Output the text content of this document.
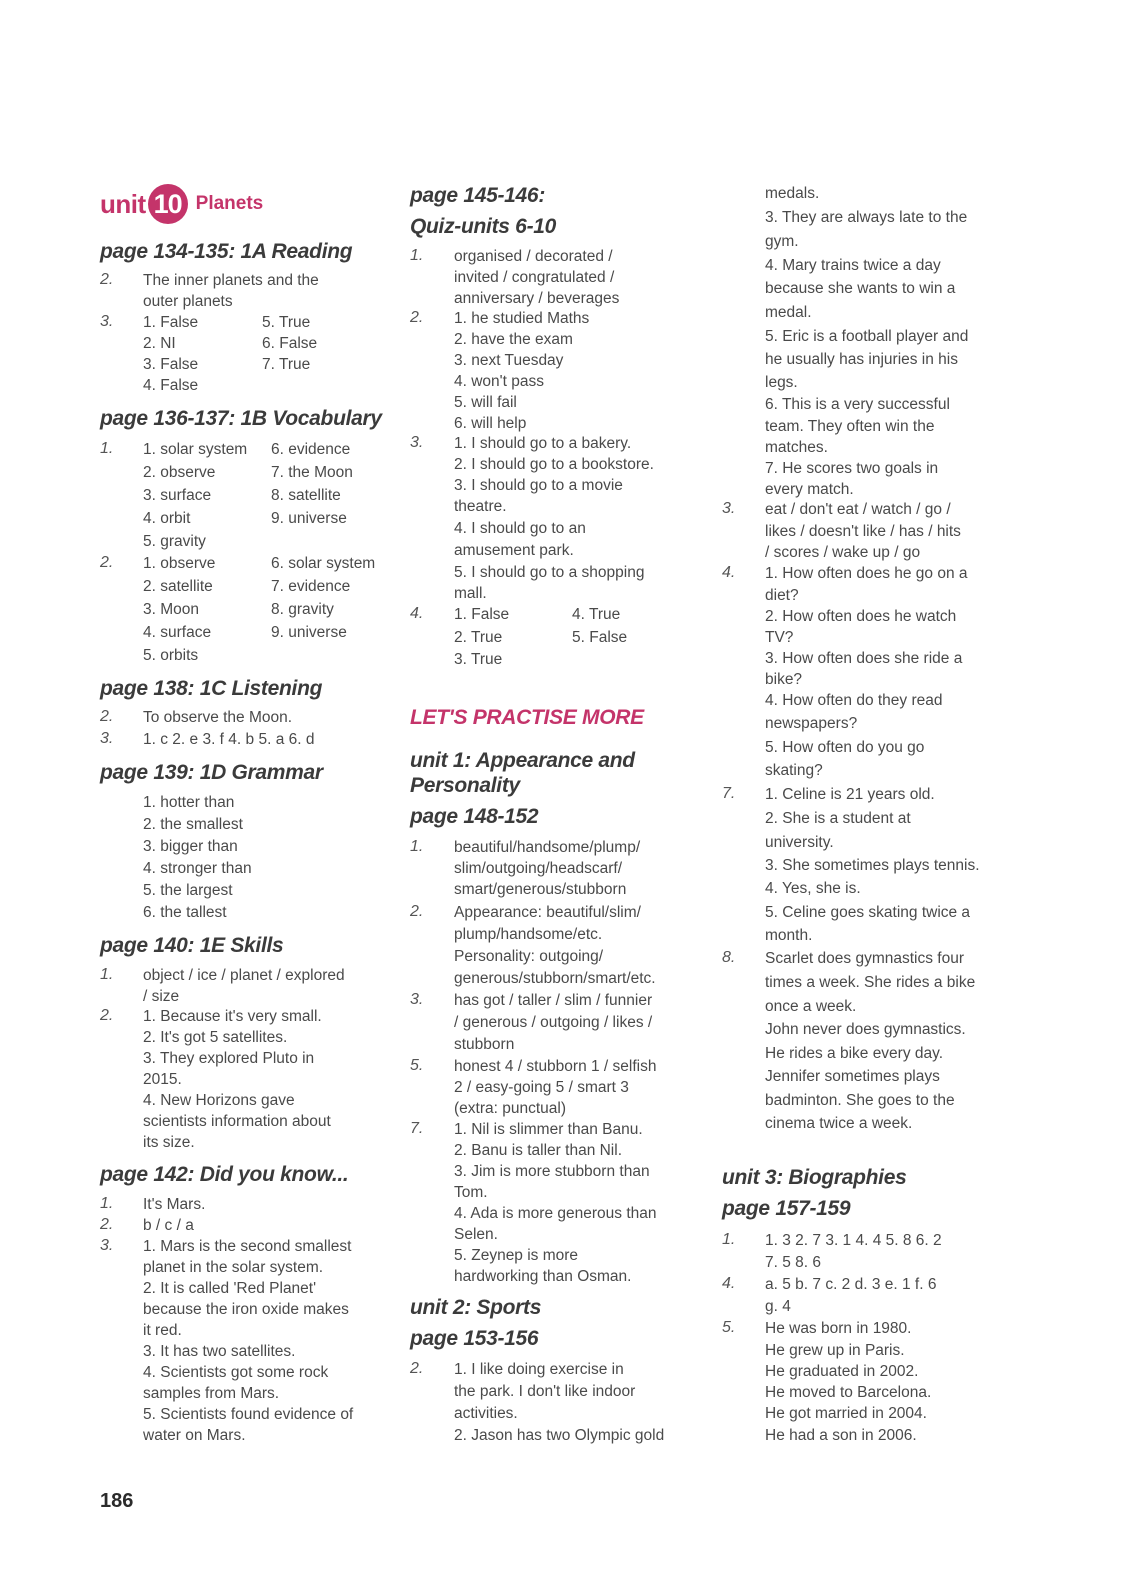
unit 10 Planets
page 134-135: 1A Reading
2. The inner planets and the
outer planets
3. 1. False
2. NI
3. False
4. False
5. True
6. False
7. True
page 136-137: 1B Vocabulary
1. 1. solar system
2. observe
3. surface
4. orbit
5. gravity
6. evidence
7. the Moon
8. satellite
9. universe
2. 1. observe
2. satellite
3. Moon
4. surface
5. orbits
6. solar system
7. evidence
8. gravity
9. universe
page 138: 1C Listening
2. To observe the Moon.
3. 1. c 2. e 3. f 4. b 5. a 6. d
page 139: 1D Grammar
1. hotter than
2. the smallest
3. bigger than
4. stronger than
5. the largest
6. the tallest
page 140: 1E Skills
1. object / ice / planet / explored
/ size
2. 1. Because it's very small.
2. It's got 5 satellites.
3. They explored Pluto in
2015.
4. New Horizons gave
scientists information about
its size.
page 142: Did you know...
1. It's Mars.
2. b / c / a
3. 1. Mars is the second smallest
planet in the solar system.
2. It is called 'Red Planet'
because the iron oxide makes
it red.
3. It has two satellites.
4. Scientists got some rock
samples from Mars.
5. Scientists found evidence of
water on Mars.
page 145-146:
Quiz-units 6-10
1. organised / decorated /
invited / congratulated /
anniversary / beverages
2. 1. he studied Maths
2. have the exam
3. next Tuesday
4. won't pass
5. will fail
6. will help
3. 1. I should go to a bakery.
2. I should go to a bookstore.
3. I should go to a movie
theatre.
4. I should go to an
amusement park.
5. I should go to a shopping
mall.
4. 1. False
2. True
3. True
4. True
5. False
LET'S PRACTISE MORE
unit 1: Appearance and
Personality
page 148-152
1. beautiful/handsome/plump/
slim/outgoing/headscarf/
smart/generous/stubborn
2. Appearance: beautiful/slim/
plump/handsome/etc.
Personality: outgoing/
generous/stubborn/smart/etc.
3. has got / taller / slim / funnier
/ generous / outgoing / likes /
stubborn
5. honest 4 / stubborn 1 / selfish
2 / easy-going 5 / smart 3
(extra: punctual)
7. 1. Nil is slimmer than Banu.
2. Banu is taller than Nil.
3. Jim is more stubborn than
Tom.
4. Ada is more generous than
Selen.
5. Zeynep is more
hardworking than Osman.
unit 2: Sports
page 153-156
2. 1. I like doing exercise in
the park. I don't like indoor
activities.
2. Jason has two Olympic gold
medals.
3. They are always late to the
gym.
4. Mary trains twice a day
because she wants to win a
medal.
5. Eric is a football player and
he usually has injuries in his
legs.
6. This is a very successful
team. They often win the
matches.
7. He scores two goals in
every match.
3. eat / don't eat / watch / go /
likes / doesn't like / has / hits
/ scores / wake up / go
4. 1. How often does he go on a
diet?
2. How often does he watch
TV?
3. How often does she ride a
bike?
4. How often do they read
newspapers?
5. How often do you go
skating?
7. 1. Celine is 21 years old.
2. She is a student at
university.
3. She sometimes plays tennis.
4. Yes, she is.
5. Celine goes skating twice a
month.
8. Scarlet does gymnastics four
times a week. She rides a bike
once a week.
John never does gymnastics.
He rides a bike every day.
Jennifer sometimes plays
badminton. She goes to the
cinema twice a week.
unit 3: Biographies
page 157-159
1. 1. 3 2. 7 3. 1 4. 4 5. 8 6. 2
7. 5 8. 6
4. a. 5 b. 7 c. 2 d. 3 e. 1 f. 6
g. 4
5. He was born in 1980.
He grew up in Paris.
He graduated in 2002.
He moved to Barcelona.
He got married in 2004.
He had a son in 2006.
186
